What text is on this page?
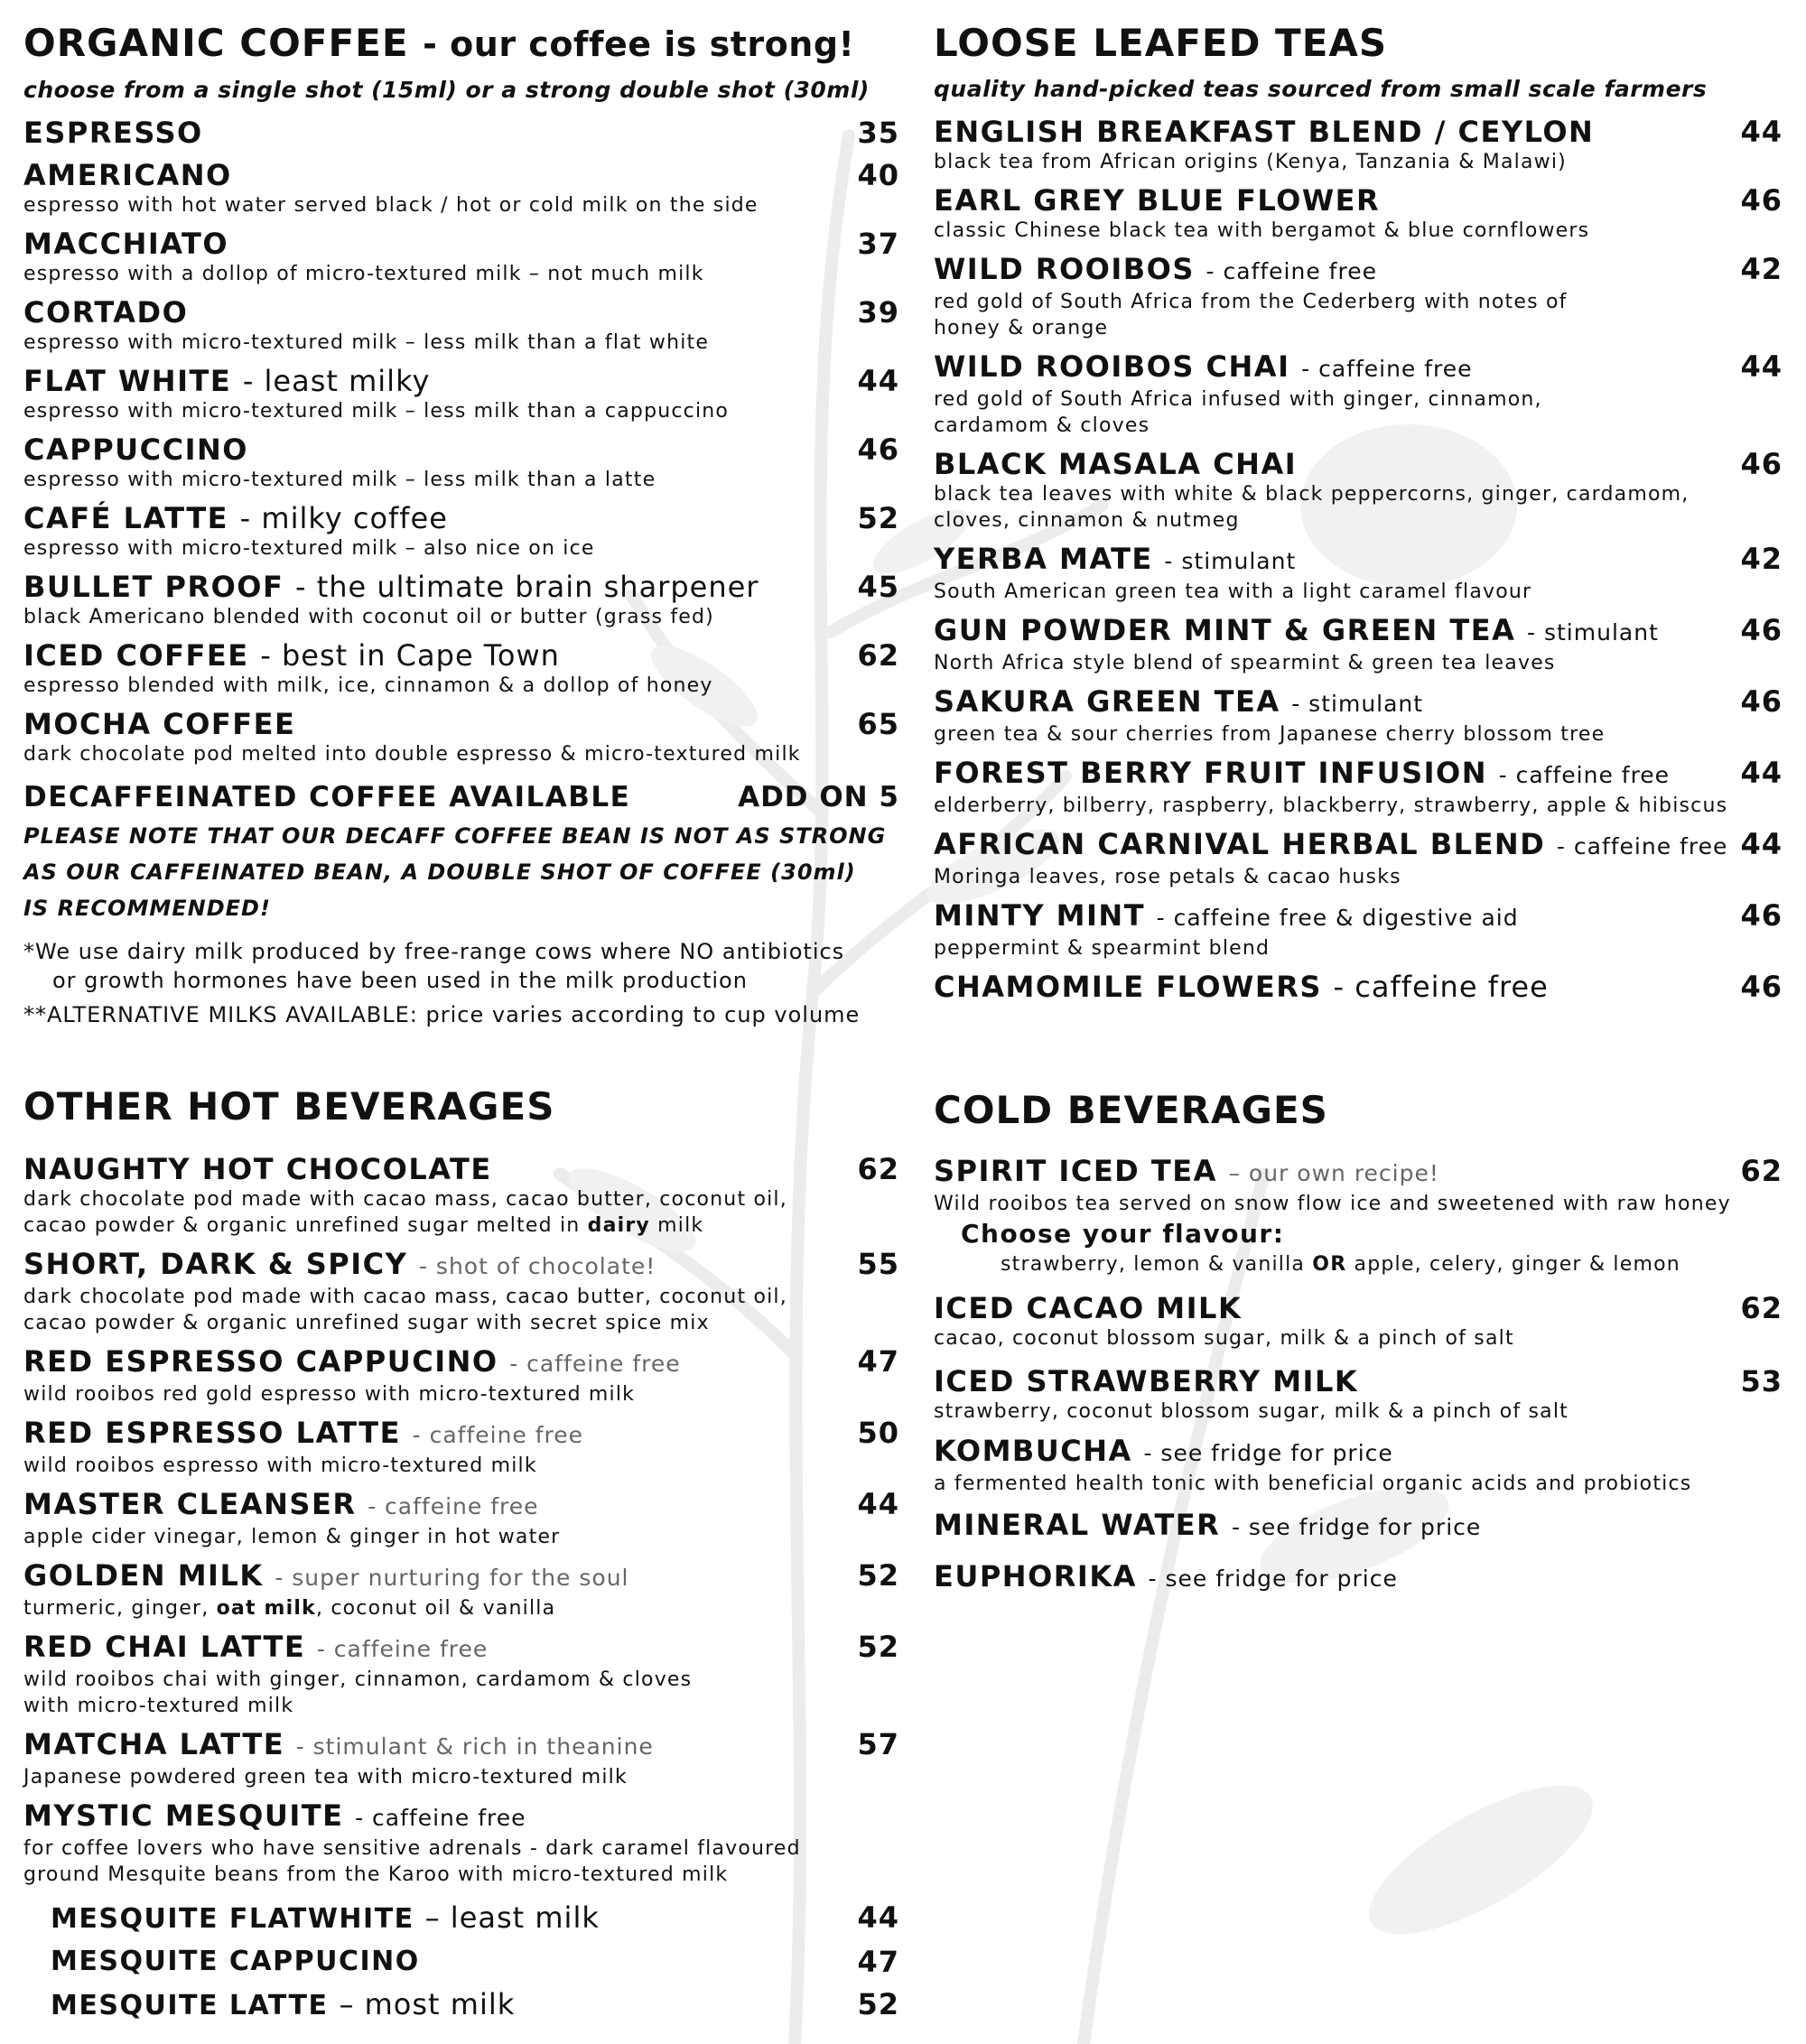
ORGANIC COFFEE - our coffee is strong!
choose from a single shot (15ml) or a strong double shot (30ml)
ESPRESSO	35
AMERICANO	40
espresso with hot water served black / hot or cold milk on the side
MACCHIATO	37
espresso with a dollop of micro-textured milk – not much milk
CORTADO	39
espresso with micro-textured milk – less milk than a flat white
FLAT WHITE - least milky	44
espresso with micro-textured milk – less milk than a cappuccino
CAPPUCCINO	46
espresso with micro-textured milk – less milk than a latte
CAFÉ LATTE - milky coffee	52
espresso with micro-textured milk – also nice on ice
BULLET PROOF - the ultimate brain sharpener	45
black Americano blended with coconut oil or butter (grass fed)
ICED COFFEE - best in Cape Town	62
espresso blended with milk, ice, cinnamon & a dollop of honey
MOCHA COFFEE	65
dark chocolate pod melted into double espresso & micro-textured milk
DECAFFEINATED COFFEE AVAILABLE	ADD ON 5
PLEASE NOTE THAT OUR DECAFF COFFEE BEAN IS NOT AS STRONG
AS OUR CAFFEINATED BEAN, A DOUBLE SHOT OF COFFEE (30ml)
IS RECOMMENDED!
*We use dairy milk produced by free-range cows where NO antibiotics
or growth hormones have been used in the milk production
**ALTERNATIVE MILKS AVAILABLE: price varies according to cup volume
OTHER HOT BEVERAGES
NAUGHTY HOT CHOCOLATE	62
dark chocolate pod made with cacao mass, cacao butter, coconut oil,
cacao powder & organic unrefined sugar melted in dairy milk
SHORT, DARK & SPICY - shot of chocolate!	55
dark chocolate pod made with cacao mass, cacao butter, coconut oil,
cacao powder & organic unrefined sugar with secret spice mix
RED ESPRESSO CAPPUCINO - caffeine free	47
wild rooibos red gold espresso with micro-textured milk
RED ESPRESSO LATTE - caffeine free	50
wild rooibos espresso with micro-textured milk
MASTER CLEANSER - caffeine free	44
apple cider vinegar, lemon & ginger in hot water
GOLDEN MILK - super nurturing for the soul	52
turmeric, ginger, oat milk, coconut oil & vanilla
RED CHAI LATTE - caffeine free	52
wild rooibos chai with ginger, cinnamon, cardamom & cloves
with micro-textured milk
MATCHA LATTE - stimulant & rich in theanine	57
Japanese powdered green tea with micro-textured milk
MYSTIC MESQUITE - caffeine free
for coffee lovers who have sensitive adrenals - dark caramel flavoured
ground Mesquite beans from the Karoo with micro-textured milk
MESQUITE FLATWHITE – least milk	44
MESQUITE CAPPUCINO	47
MESQUITE LATTE – most milk	52
LOOSE LEAFED TEAS
quality hand-picked teas sourced from small scale farmers
ENGLISH BREAKFAST BLEND / CEYLON	44
black tea from African origins (Kenya, Tanzania & Malawi)
EARL GREY BLUE FLOWER	46
classic Chinese black tea with bergamot & blue cornflowers
WILD ROOIBOS - caffeine free	42
red gold of South Africa from the Cederberg with notes of
honey & orange
WILD ROOIBOS CHAI - caffeine free	44
red gold of South Africa infused with ginger, cinnamon,
cardamom & cloves
BLACK MASALA CHAI	46
black tea leaves with white & black peppercorns, ginger, cardamom,
cloves, cinnamon & nutmeg
YERBA MATE - stimulant	42
South American green tea with a light caramel flavour
GUN POWDER MINT & GREEN TEA - stimulant	46
North Africa style blend of spearmint & green tea leaves
SAKURA GREEN TEA - stimulant	46
green tea & sour cherries from Japanese cherry blossom tree
FOREST BERRY FRUIT INFUSION - caffeine free 44
elderberry, bilberry, raspberry, blackberry, strawberry, apple & hibiscus
AFRICAN CARNIVAL HERBAL BLEND - caffeine free 44
Moringa leaves, rose petals & cacao husks
MINTY MINT - caffeine free & digestive aid	46
peppermint & spearmint blend
CHAMOMILE FLOWERS - caffeine free	46
COLD BEVERAGES
SPIRIT ICED TEA – our own recipe!	62
Wild rooibos tea served on snow flow ice and sweetened with raw honey
Choose your flavour:
strawberry, lemon & vanilla OR apple, celery, ginger & lemon
ICED CACAO MILK	62
cacao, coconut blossom sugar, milk & a pinch of salt
ICED STRAWBERRY MILK	53
strawberry, coconut blossom sugar, milk & a pinch of salt
KOMBUCHA - see fridge for price
a fermented health tonic with beneficial organic acids and probiotics
MINERAL WATER - see fridge for price
EUPHORIKA - see fridge for price
